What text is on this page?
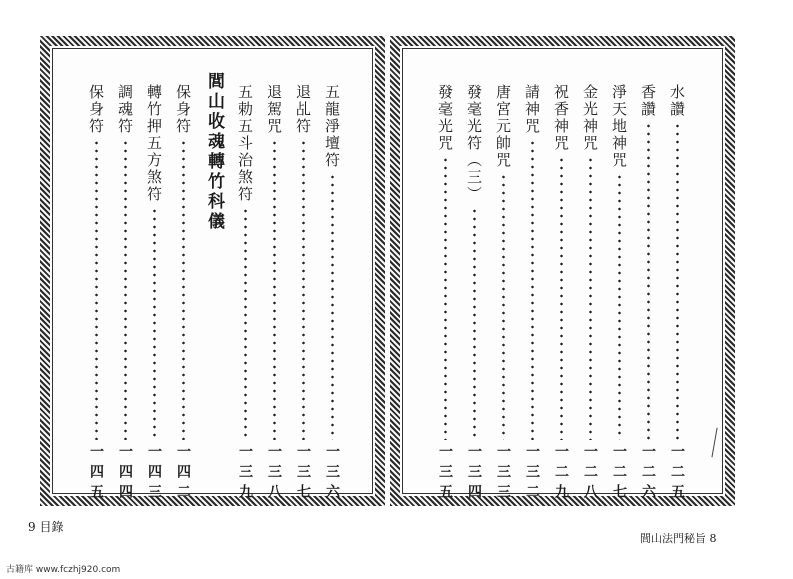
五龍淨壇符
一三六
退乩符
一三七
退駕咒
一三八
五勅五斗治煞符
一三九
閭山收魂轉竹科儀
保身符
一四二
轉竹押五方煞符
一四三
調魂符
一四四
保身符
一四五
水讚
一二五
香讚
一二六
淨天地神咒
一二七
金光神咒
一二八
祝香神咒
一二九
請神咒
一三二
唐宮元帥咒
一三三
發毫光符（三）
一三四
發毫光咒
一三五
9 目錄
閭山法門秘旨 8
古籍库 www.fczhj920.com
